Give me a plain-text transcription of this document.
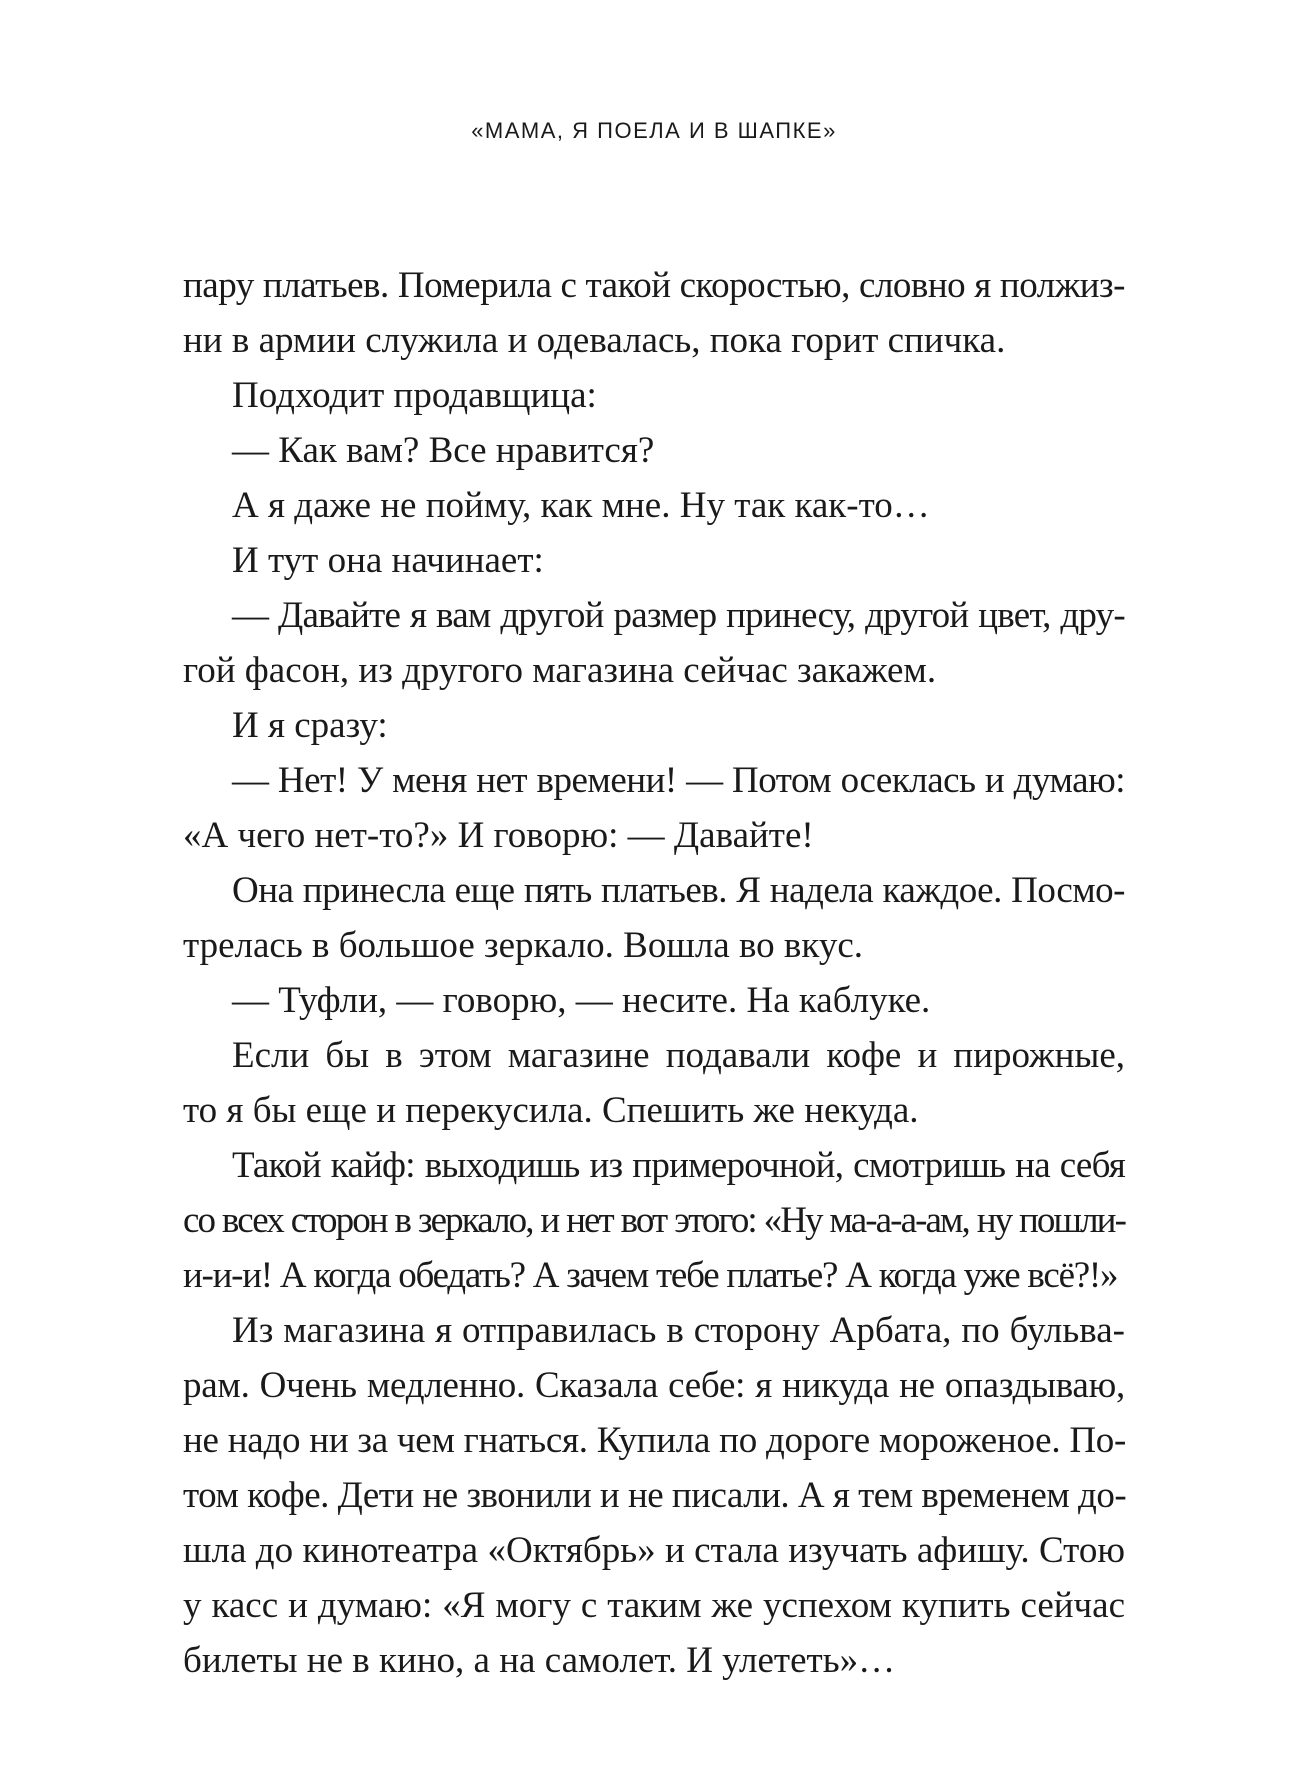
«МАМА, Я ПОЕЛА И В ШАПКЕ»
пару платьев. Померила с такой скоростью, словно я полжиз-
ни в армии служила и одевалась, пока горит спичка.
Подходит продавщица:
— Как вам? Все нравится?
А я даже не пойму, как мне. Ну так как-то…
И тут она начинает:
— Давайте я вам другой размер принесу, другой цвет, дру-
гой фасон, из другого магазина сейчас закажем.
И я сразу:
— Нет! У меня нет времени! — Потом осеклась и думаю:
«А чего нет-то?» И говорю: — Давайте!
Она принесла еще пять платьев. Я надела каждое. Посмо-
трелась в большое зеркало. Вошла во вкус.
— Туфли, — говорю, — несите. На каблуке.
Если бы в этом магазине подавали кофе и пирожные,
то я бы еще и перекусила. Спешить же некуда.
Такой кайф: выходишь из примерочной, смотришь на себя
со всех сторон в зеркало, и нет вот этого: «Ну ма-а-а-ам, ну пошли-
и-и-и! А когда обедать? А зачем тебе платье? А когда уже всё?!»
Из магазина я отправилась в сторону Арбата, по бульва-
рам. Очень медленно. Сказала себе: я никуда не опаздываю,
не надо ни за чем гнаться. Купила по дороге мороженое. По-
том кофе. Дети не звонили и не писали. А я тем временем до-
шла до кинотеатра «Октябрь» и стала изучать афишу. Стою
у касс и думаю: «Я могу с таким же успехом купить сейчас
билеты не в кино, а на самолет. И улететь»…
